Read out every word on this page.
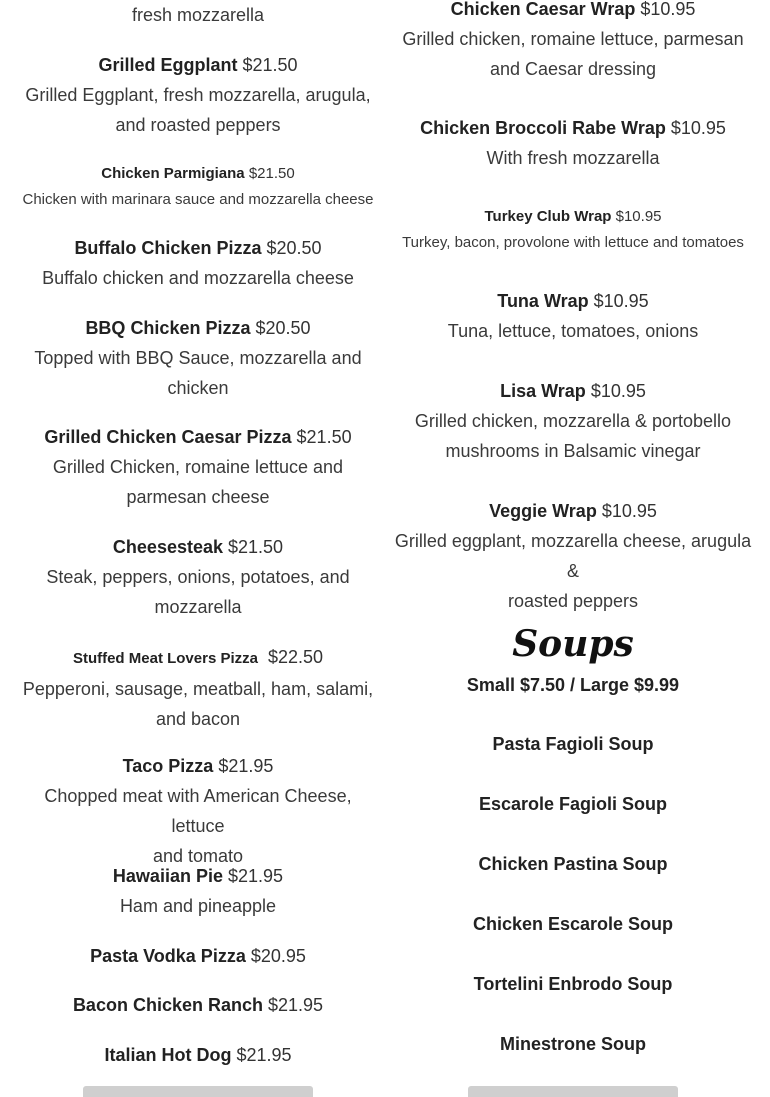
fresh mozzarella
Grilled Eggplant $21.50
Grilled Eggplant, fresh mozzarella, arugula,
and roasted peppers
Chicken Parmigiana $21.50
Chicken with marinara sauce and mozzarella cheese
Buffalo Chicken Pizza $20.50
Buffalo chicken and mozzarella cheese
BBQ Chicken Pizza $20.50
Topped with BBQ Sauce, mozzarella and
chicken
Grilled Chicken Caesar Pizza $21.50
Grilled Chicken, romaine lettuce and
parmesan cheese
Cheesesteak $21.50
Steak, peppers, onions, potatoes, and
mozzarella
Stuffed Meat Lovers Pizza $22.50
Pepperoni, sausage, meatball, ham, salami,
and bacon
Taco Pizza $21.95
Chopped meat with American Cheese, lettuce
and tomato
Hawaiian Pie $21.95
Ham and pineapple
Pasta Vodka Pizza $20.95
Bacon Chicken Ranch $21.95
Italian Hot Dog $21.95
Chicken Caesar Wrap $10.95
Grilled chicken, romaine lettuce, parmesan
and Caesar dressing
Chicken Broccoli Rabe Wrap $10.95
With fresh mozzarella
Turkey Club Wrap $10.95
Turkey, bacon, provolone with lettuce and tomatoes
Tuna Wrap $10.95
Tuna, lettuce, tomatoes, onions
Lisa Wrap $10.95
Grilled chicken, mozzarella & portobello
mushrooms in Balsamic vinegar
Veggie Wrap $10.95
Grilled eggplant, mozzarella cheese, arugula &
roasted peppers
Soups
Small $7.50 / Large $9.99
Pasta Fagioli Soup
Escarole Fagioli Soup
Chicken Pastina Soup
Chicken Escarole Soup
Tortelini Enbrodo Soup
Minestrone Soup
